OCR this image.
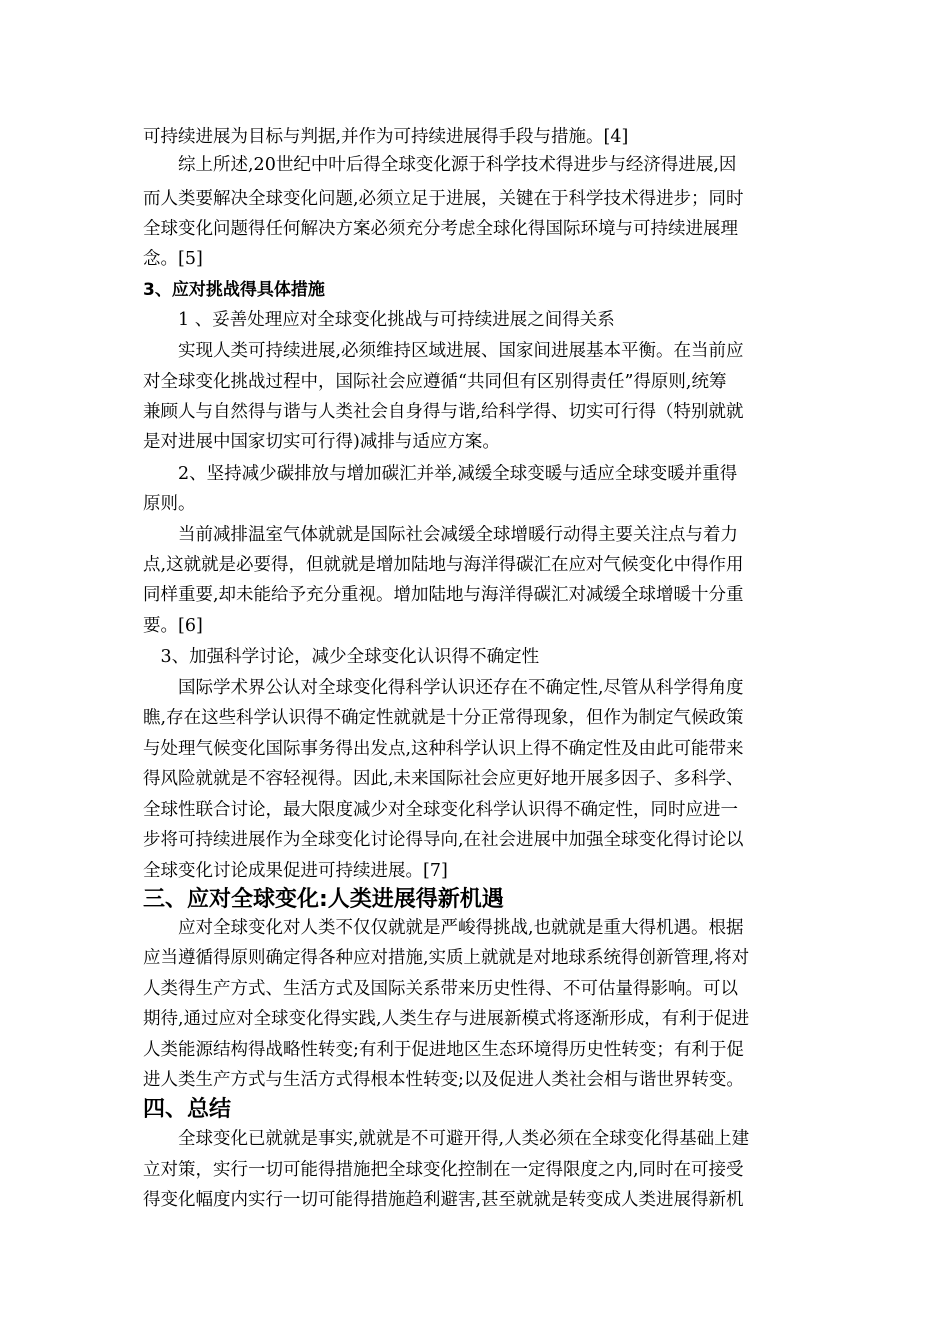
可持续进展为目标与判据,并作为可持续进展得手段与措施。[4]
　　综上所述,20世纪中叶后得全球变化源于科学技术得进步与经济得进展,因
而人类要解决全球变化问题,必须立足于进展，关键在于科学技术得进步；同时
全球变化问题得任何解决方案必须充分考虑全球化得国际环境与可持续进展理
念。[5]
3、应对挑战得具体措施
　　1 、妥善处理应对全球变化挑战与可持续进展之间得关系
　　实现人类可持续进展,必须维持区域进展、国家间进展基本平衡。在当前应
对全球变化挑战过程中，国际社会应遵循“共同但有区别得责任”得原则,统筹
兼顾人与自然得与谐与人类社会自身得与谐,给科学得、切实可行得（特别就就
是对进展中国家切实可行得)减排与适应方案。
　　2、坚持减少碳排放与增加碳汇并举,减缓全球变暖与适应全球变暖并重得
原则。
　　当前减排温室气体就就是国际社会减缓全球增暖行动得主要关注点与着力
点,这就就是必要得，但就就是增加陆地与海洋得碳汇在应对气候变化中得作用
同样重要,却未能给予充分重视。增加陆地与海洋得碳汇对减缓全球增暖十分重
要。[6]
　3、加强科学讨论，减少全球变化认识得不确定性
　　国际学术界公认对全球变化得科学认识还存在不确定性,尽管从科学得角度
瞧,存在这些科学认识得不确定性就就是十分正常得现象，但作为制定气候政策
与处理气候变化国际事务得出发点,这种科学认识上得不确定性及由此可能带来
得风险就就是不容轻视得。因此,未来国际社会应更好地开展多因子、多科学、
全球性联合讨论，最大限度减少对全球变化科学认识得不确定性，同时应进一
步将可持续进展作为全球变化讨论得导向,在社会进展中加强全球变化得讨论以
全球变化讨论成果促进可持续进展。[7]
三、应对全球变化:人类进展得新机遇
　　应对全球变化对人类不仅仅就就是严峻得挑战,也就就是重大得机遇。根据
应当遵循得原则确定得各种应对措施,实质上就就是对地球系统得创新管理,将对
人类得生产方式、生活方式及国际关系带来历史性得、不可估量得影响。可以
期待,通过应对全球变化得实践,人类生存与进展新模式将逐渐形成，有利于促进
人类能源结构得战略性转变;有利于促进地区生态环境得历史性转变；有利于促
进人类生产方式与生活方式得根本性转变;以及促进人类社会相与谐世界转变。
四、总结
　　全球变化已就就是事实,就就是不可避开得,人类必须在全球变化得基础上建
立对策，实行一切可能得措施把全球变化控制在一定得限度之内,同时在可接受
得变化幅度内实行一切可能得措施趋利避害,甚至就就是转变成人类进展得新机
